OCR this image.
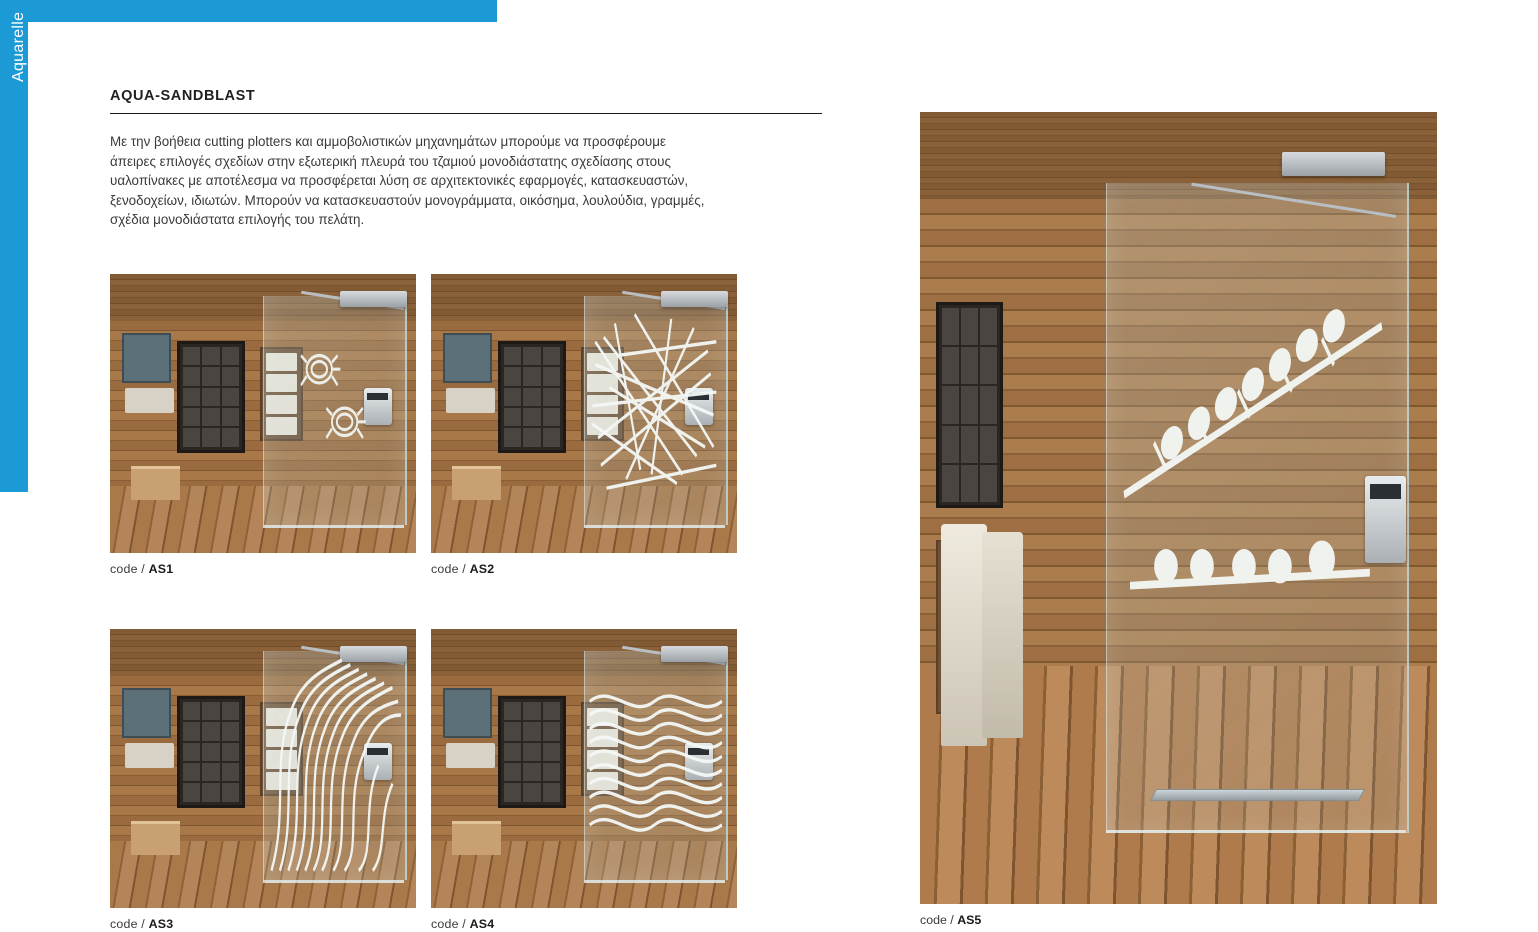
Aquarelle
AQUA-SANDBLAST

Με την βοήθεια cutting plotters και αμμοβολιστικών μηχανημάτων μπορούμε να προσφέρουμε άπειρες επιλογές σχεδίων στην εξωτερική πλευρά του τζαμιού μονοδιάστατης σχεδίασης στους υαλοπίνακες με αποτέλεσμα να προσφέρεται λύση σε αρχιτεκτονικές εφαρμογές, κατασκευαστών, ξενοδοχείων, ιδιωτών. Μπορούν να κατασκευαστούν μονογράμματα, οικόσημα, λουλούδια, γραμμές, σχέδια μονοδιάστατα επιλογής του πελάτη.

code / AS1	code / AS2
code / AS3	code / AS4	code / AS5
